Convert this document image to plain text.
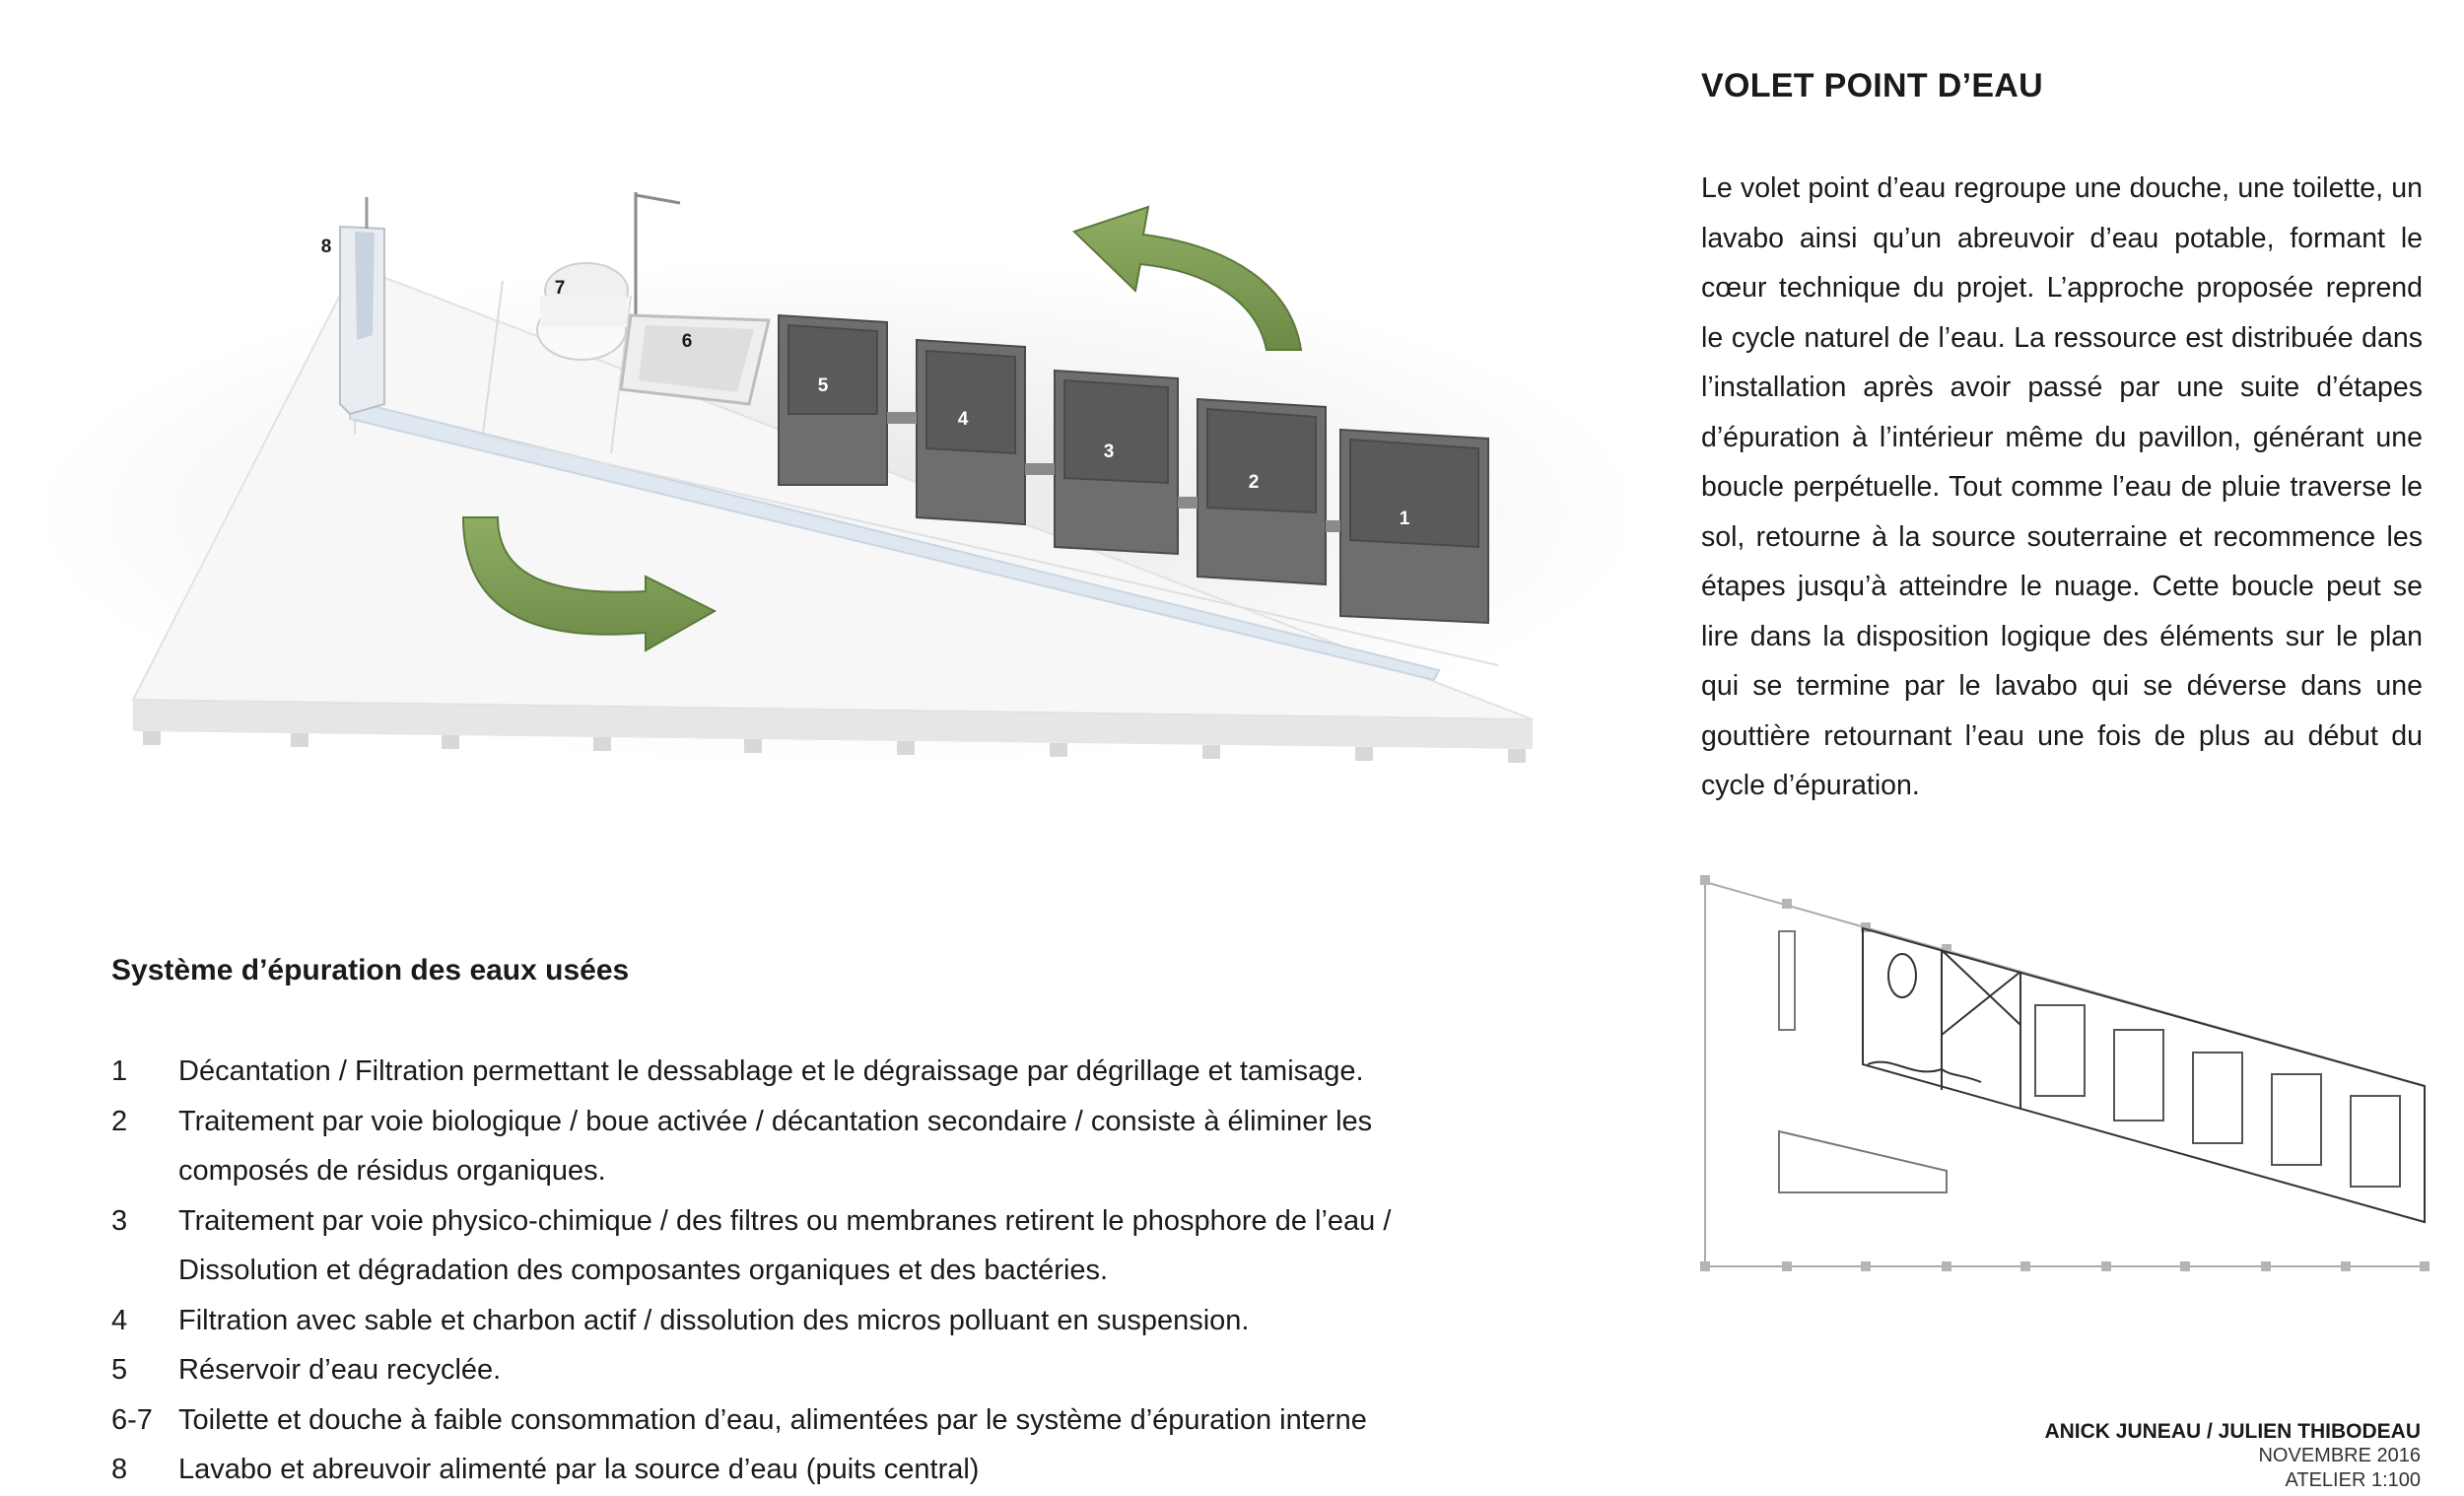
1
2
3
4
5
6
7
8
VOLET POINT D’EAU
Le volet point d’eau regroupe une douche, une toilette, un lavabo ainsi qu’un abreuvoir d’eau potable, formant le cœur technique du projet. L’approche proposée reprend le cycle naturel de l’eau. La ressource est distribuée dans l’installation après avoir passé par une suite d’étapes d’épuration à l’intérieur même du pavillon, générant une boucle perpétuelle. Tout comme l’eau de pluie traverse le sol, retourne à la source souterraine et recommence les étapes jusqu’à atteindre le nuage. Cette boucle peut se lire dans la disposition logique des éléments sur le plan qui se termine par le lavabo qui se déverse dans une gouttière retournant l’eau une fois de plus au début du cycle d’épuration.
Système d’épuration des eaux usées
1	Décantation / Filtration permettant le dessablage et le dégraissage par dégrillage et tamisage.
2	Traitement par voie biologique / boue activée / décantation secondaire / consiste à éliminer les composés de résidus organiques.
3	Traitement par voie physico-chimique / des filtres ou membranes retirent le phosphore de l’eau / Dissolution et dégradation des composantes organiques et des bactéries.
4	Filtration avec sable et charbon actif / dissolution des micros polluant en suspension.
5	Réservoir d’eau recyclée.
6-7 Toilette et douche à faible consommation d’eau, alimentées par le système d’épuration interne
8	Lavabo et abreuvoir alimenté par la source d’eau (puits central)
ANICK JUNEAU / JULIEN THIBODEAU
NOVEMBRE 2016
ATELIER 1:100
